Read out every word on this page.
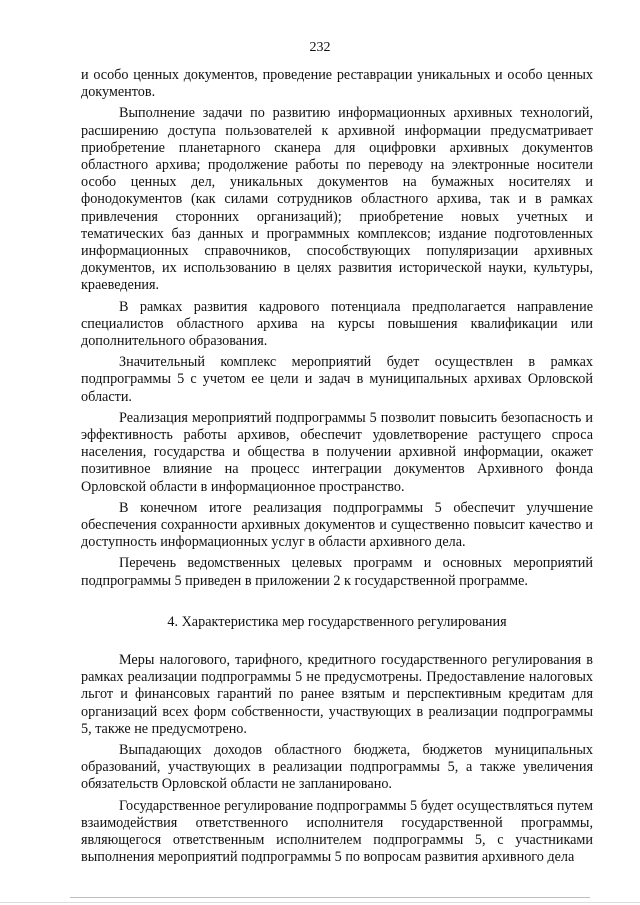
232

и особо ценных документов, проведение реставрации уникальных и особо ценных документов.

Выполнение задачи по развитию информационных архивных технологий, расширению доступа пользователей к архивной информации предусматривает приобретение планетарного сканера для оцифровки архивных документов областного архива; продолжение работы по переводу на электронные носители особо ценных дел, уникальных документов на бумажных носителях и фонодокументов (как силами сотрудников областного архива, так и в рамках привлечения сторонних организаций); приобретение новых учетных и тематических баз данных и программных комплексов; издание подготовленных информационных справочников, способствующих популяризации архивных документов, их использованию в целях развития исторической науки, культуры, краеведения.

В рамках развития кадрового потенциала предполагается направление специалистов областного архива на курсы повышения квалификации или дополнительного образования.

Значительный комплекс мероприятий будет осуществлен в рамках подпрограммы 5 с учетом ее цели и задач в муниципальных архивах Орловской области.

Реализация мероприятий подпрограммы 5 позволит повысить безопасность и эффективность работы архивов, обеспечит удовлетворение растущего спроса населения, государства и общества в получении архивной информации, окажет позитивное влияние на процесс интеграции документов Архивного фонда Орловской области в информационное пространство.

В конечном итоге реализация подпрограммы 5 обеспечит улучшение обеспечения сохранности архивных документов и существенно повысит качество и доступность информационных услуг в области архивного дела.

Перечень ведомственных целевых программ и основных мероприятий подпрограммы 5 приведен в приложении 2 к государственной программе.

4. Характеристика мер государственного регулирования

Меры налогового, тарифного, кредитного государственного регулирования в рамках реализации подпрограммы 5 не предусмотрены. Предоставление налоговых льгот и финансовых гарантий по ранее взятым и перспективным кредитам для организаций всех форм собственности, участвующих в реализации подпрограммы 5, также не предусмотрено.

Выпадающих доходов областного бюджета, бюджетов муниципальных образований, участвующих в реализации подпрограммы 5, а также увеличения обязательств Орловской области не запланировано.

Государственное регулирование подпрограммы 5 будет осуществляться путем взаимодействия ответственного исполнителя государственной программы, являющегося ответственным исполнителем подпрограммы 5, с участниками выполнения мероприятий подпрограммы 5 по вопросам развития архивного дела
